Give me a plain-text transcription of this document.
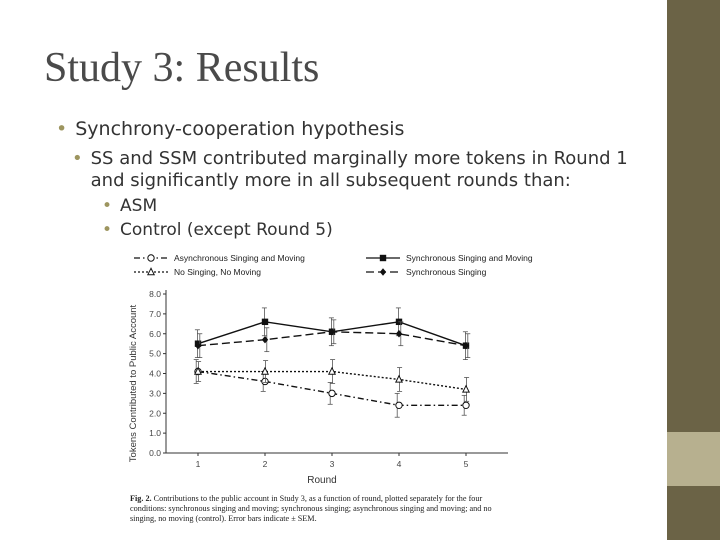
Study 3: Results
• Synchrony-cooperation hypothesis
• SS and SSM contributed marginally more tokens in Round 1 and significantly more in all subsequent rounds than:
• ASM
• Control (except Round 5)
Asynchronous Singing and Moving	Synchronous Singing and Moving
No Singing, No Moving	Synchronous Singing
0.0
1.0
2.0
3.0
4.0
5.0
6.0
7.0
8.0
1	2	3	4	5
Round
Tokens Contributed to Public Account
Fig. 2. Contributions to the public account in Study 3, as a function of round, plotted separately for the four conditions: synchronous singing and moving; synchronous singing; asynchronous singing and moving; and no singing, no moving (control). Error bars indicate ± SEM.
